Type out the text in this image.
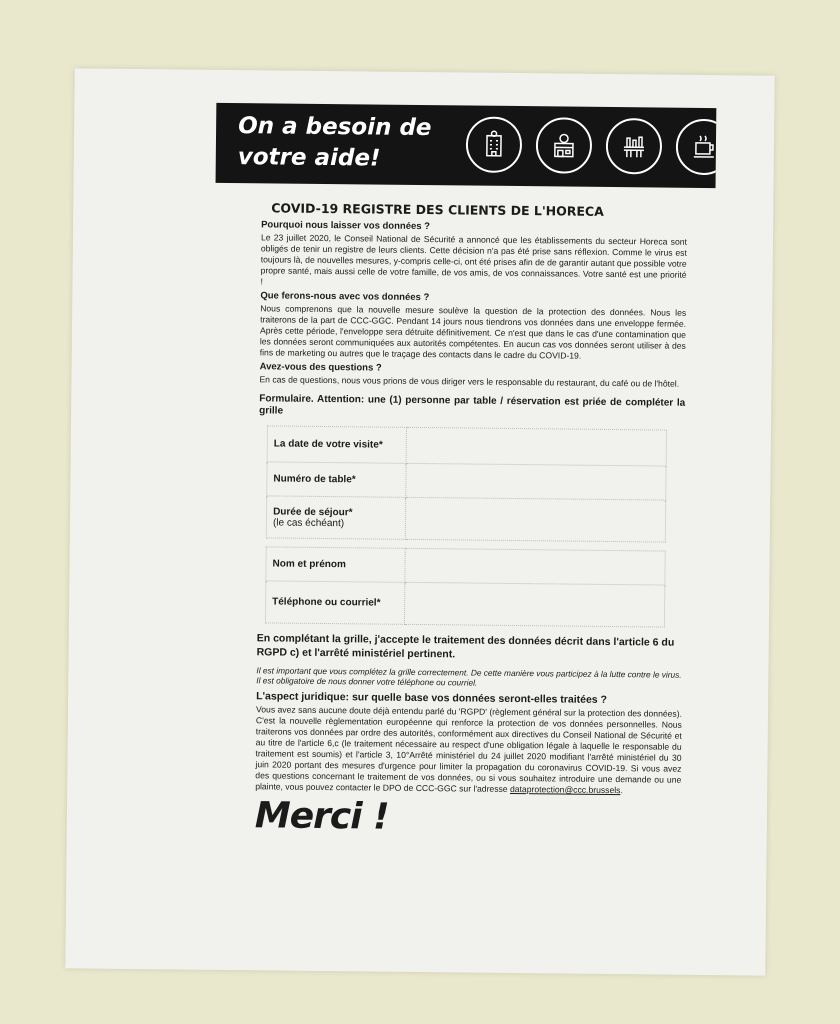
On a besoin de
votre aide!
COVID-19 REGISTRE DES CLIENTS DE L'HORECA
Pourquoi nous laisser vos données ?

Le 23 juillet 2020, le Conseil National de Sécurité a annoncé que les établissements du secteur Horeca sont obligés de tenir un registre de leurs clients. Cette décision n'a pas été prise sans réflexion. Comme le virus est toujours là, de nouvelles mesures, y-compris celle-ci, ont été prises afin de de garantir autant que possible votre propre santé, mais aussi celle de votre famille, de vos amis, de vos connaissances. Votre santé est une priorité !

Que ferons-nous avec vos données ?

Nous comprenons que la nouvelle mesure soulève la question de la protection des données. Nous les traiterons de la part de CCC-GGC. Pendant 14 jours nous tiendrons vos données dans une enveloppe fermée. Après cette période, l'enveloppe sera détruite définitivement. Ce n'est que dans le cas d'une contamination que les données seront communiquées aux autorités compétentes. En aucun cas vos données seront utiliser à des fins de marketing ou autres que le traçage des contacts dans le cadre du COVID-19.

Avez-vous des questions ?

En cas de questions, nous vous prions de vous diriger vers le responsable du restaurant, du café ou de l'hôtel.

Formulaire. Attention: une (1) personne par table / réservation est priée de compléter la grille
La date de votre visite*	
Numéro de table*	
Durée de séjour*
(le cas échéant)	

Nom et prénom	
Téléphone ou courriel*	
En complétant la grille, j'accepte le traitement des données décrit dans l'article 6 du RGPD c) et l'arrêté ministériel pertinent.
Il est important que vous complétez la grille correctement. De cette manière vous participez à la lutte contre le virus. Il est obligatoire de nous donner votre téléphone ou courriel.
L'aspect juridique: sur quelle base vos données seront-elles traitées ?

Vous avez sans aucune doute déjà entendu parlé du 'RGPD' (règlement général sur la protection des données). C'est la nouvelle règlementation européenne qui renforce la protection de vos données personnelles. Nous traiterons vos données par ordre des autorités, conformément aux directives du Conseil National de Sécurité et au titre de l'article 6,c (le traitement nécessaire au respect d'une obligation légale à laquelle le responsable du traitement est soumis) et l'article 3, 10°Arrêté ministériel du 24 juillet 2020 modifiant l'arrêté ministériel du 30 juin 2020 portant des mesures d'urgence pour limiter la propagation du coronavirus COVID-19. Si vous avez des questions concernant le traitement de vos données, ou si vous souhaitez introduire une demande ou une plainte, vous pouvez contacter le DPO de CCC-GGC sur l'adresse dataprotection@ccc.brussels.

Merci !
